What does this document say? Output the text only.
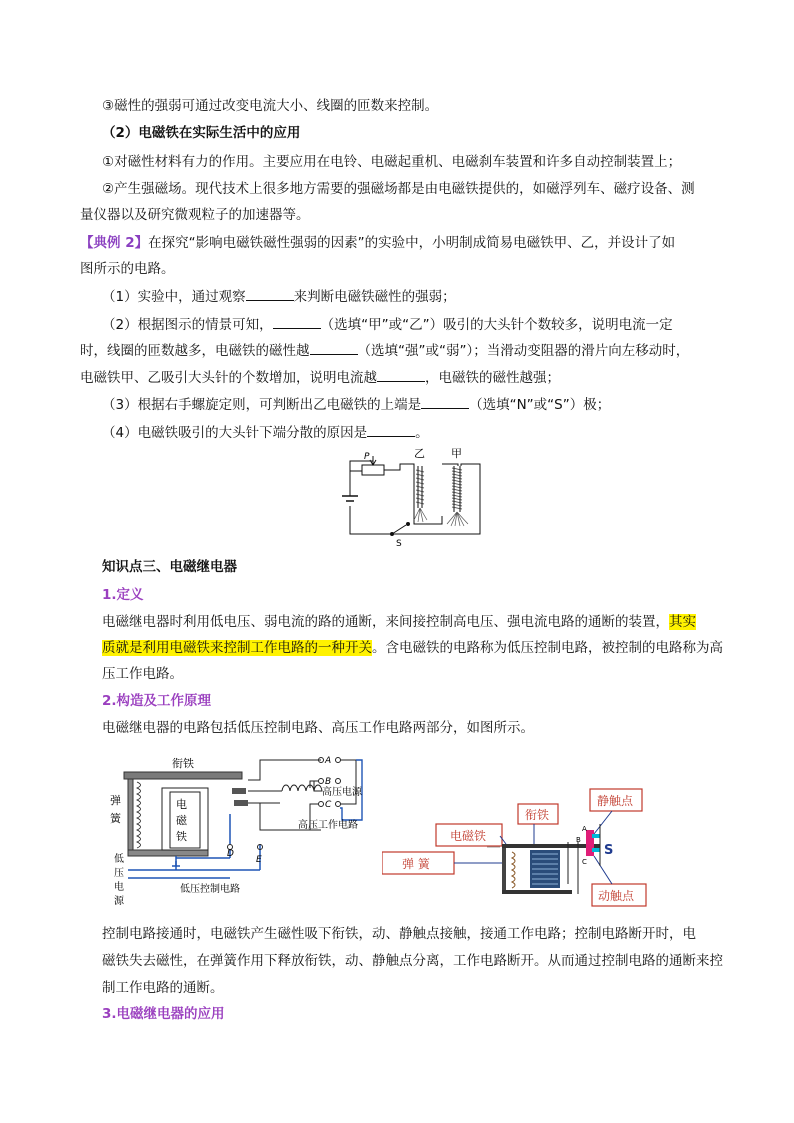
③磁性的强弱可通过改变电流大小、线圈的匝数来控制。
（2）电磁铁在实际生活中的应用
①对磁性材料有力的作用。主要应用在电铃、电磁起重机、电磁刹车装置和许多自动控制装置上；
②产生强磁场。现代技术上很多地方需要的强磁场都是由电磁铁提供的，如磁浮列车、磁疗设备、测
量仪器以及研究微观粒子的加速器等。
【典例 2】在探究“影响电磁铁磁性强弱的因素”的实验中，小明制成简易电磁铁甲、乙，并设计了如
图所示的电路。
（1）实验中，通过观察	来判断电磁铁磁性的强弱；
（2）根据图示的情景可知，	（选填“甲”或“乙”）吸引的大头针个数较多，说明电流一定
时，线圈的匝数越多，电磁铁的磁性越	（选填“强”或“弱”）；当滑动变阻器的滑片向左移动时，
电磁铁甲、乙吸引大头针的个数增加，说明电流越	，电磁铁的磁性越强；
（3）根据右手螺旋定则，可判断出乙电磁铁的上端是	（选填“N”或“S”）极；
（4）电磁铁吸引的大头针下端分散的原因是	。
P	乙 甲
S
知识点三、电磁继电器
1.定义
电磁继电器时利用低电压、弱电流的路的通断，来间接控制高电压、强电流电路的通断的装置，其实
质就是利用电磁铁来控制工作电路的一种开关。含电磁铁的电路称为低压控制电路，被控制的电路称为高
压工作电路。
2.构造及工作原理
电磁继电器的电路包括低压控制电路、高压工作电路两部分，如图所示。
电
磁
铁
衔铁
弹
簧
低
压
电
源
A
B
C
D
E
高压电源
高压工作电路
低压控制电路
电磁铁
衔铁
静触点
弹 簧
动触点
S
A
B
C
控制电路接通时，电磁铁产生磁性吸下衔铁，动、静触点接触，接通工作电路；控制电路断开时，电
磁铁失去磁性，在弹簧作用下释放衔铁，动、静触点分离，工作电路断开。从而通过控制电路的通断来控
制工作电路的通断。
3.电磁继电器的应用
